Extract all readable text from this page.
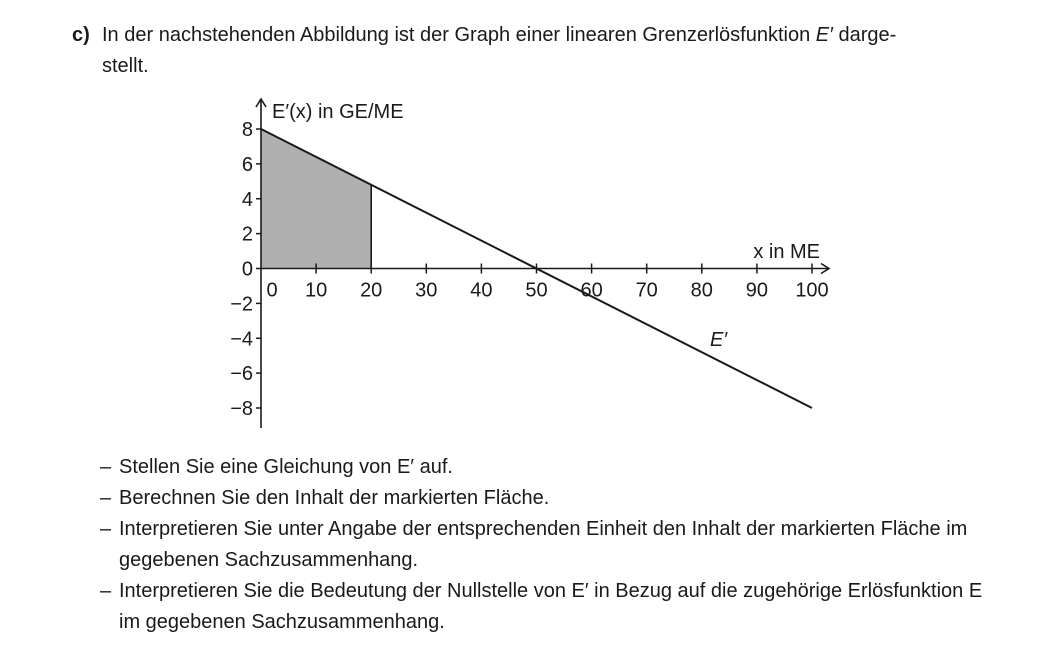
c) In der nachstehenden Abbildung ist der Graph einer linearen Grenzerlösfunktion E′ darge-
stellt.
8
6
4
2
0
−2
−4
−6
−8
0 10 20 30 40 50 60 70 80 90 100
E′(x) in GE/ME
x in ME
E′
– Stellen Sie eine Gleichung von E′ auf.
– Berechnen Sie den Inhalt der markierten Fläche.
– Interpretieren Sie unter Angabe der entsprechenden Einheit den Inhalt der markierten Fläche im gegebenen Sachzusammenhang.
– Interpretieren Sie die Bedeutung der Nullstelle von E′ in Bezug auf die zugehörige Erlösfunktion E im gegebenen Sachzusammenhang.
